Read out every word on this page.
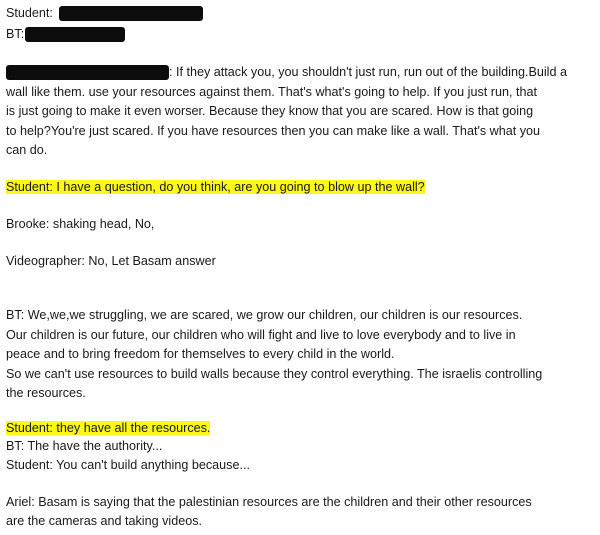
Student:
BT:
: If they attack you, you shouldn't just run, run out of the building.Build a
wall like them. use your resources against them. That's what's going to help. If you just run, that
is just going to make it even worser. Because they know that you are scared. How is that going
to help?You're just scared. If you have resources then you can make like a wall. That's what you
can do.
Student: I have a question, do you think, are you going to blow up the wall?
Brooke: shaking head, No,
Videographer: No, Let Basam answer
BT: We,we,we struggling, we are scared, we grow our children, our children is our resources.
Our children is our future, our children who will fight and live to love everybody and to live in
peace and to bring freedom for themselves to every child in the world.
So we can't use resources to build walls because they control everything. The israelis controlling
the resources.
Student: they have all the resources.
BT: The have the authority...
Student: You can't build anything because...
Ariel: Basam is saying that the palestinian resources are the children and their other resources
are the cameras and taking videos.
